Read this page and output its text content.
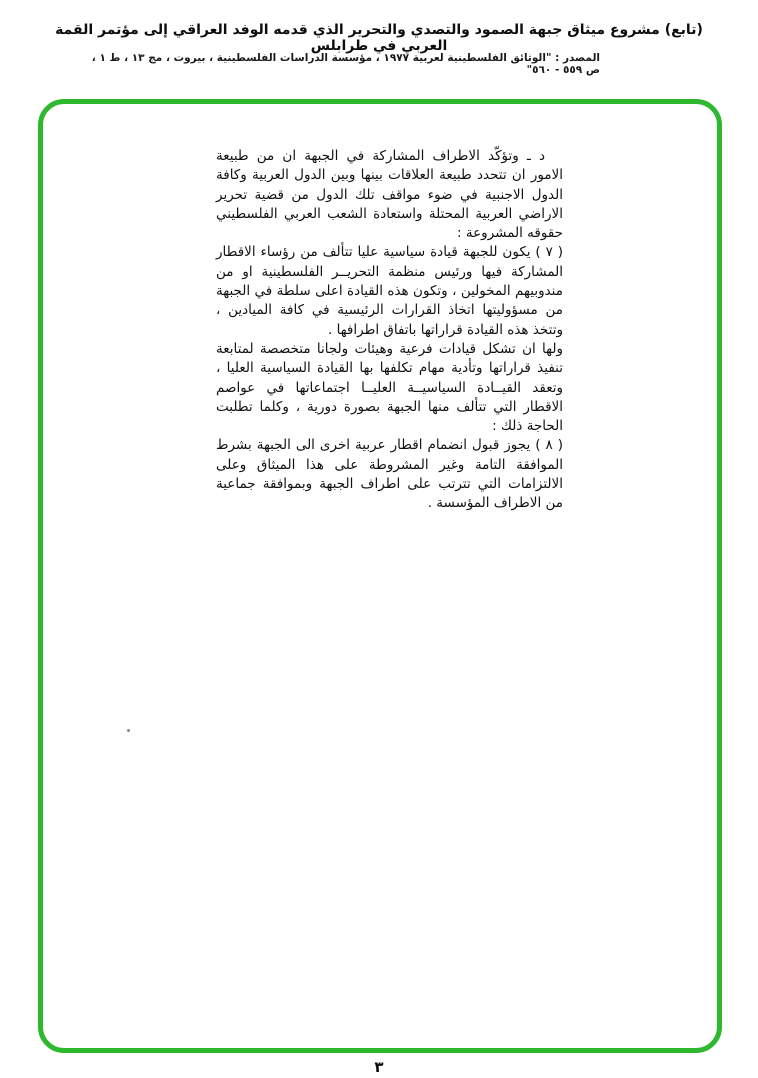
(تابع) مشروع ميثاق جبهة الصمود والتصدي والتحرير الذي قدمه الوفد العراقي إلى مؤتمر القمة العربي في طرابلس
المصدر : "الوثائق الفلسطينية لعربية ١٩٧٧ ، مؤسسة الدراسات الفلسطينية ، بيروت ، مج ١٣ ، ط ١ ، ص ٥٥٩ - ٥٦٠"

د ـ وتؤكّد الاطراف المشاركة في الجبهة ان من طبيعة الامور ان تتحدد طبيعة العلاقات بينها وبين الدول العربية وكافة الدول الاجنبية في ضوء مواقف تلك الدول من قضية تحرير الاراضي العربية المحتلة واستعادة الشعب العربي الفلسطيني حقوقه المشروعة :

( ٧ ) يكون للجبهة قيادة سياسية عليا تتألف من رؤساء الاقطار المشاركة فيها ورئيس منظمة التحريــر الفلسطينية او من مندوبيهم المخولين ، وتكون هذه القيادة اعلى سلطة في الجبهة من مسؤوليتها اتخاذ القرارات الرئيسية في كافة الميادين ، وتتخذ هذه القيادة قراراتها باتفاق اطرافها .

ولها ان تشكل قيادات فرعية وهيئات ولجانا متخصصة لمتابعة تنفيذ قراراتها وتأدية مهام تكلفها بها القيادة السياسية العليا ، وتعقد القيــادة السياسيــة العليــا اجتماعاتها في عواصم الاقطار التي تتألف منها الجبهة بصورة دورية ، وكلما تطلبت الحاجة ذلك :

( ٨ ) يجوز قبول انضمام اقطار عربية اخرى الى الجبهة بشرط الموافقة التامة وغير المشروطة على هذا الميثاق وعلى الالتزامات التي تترتب على اطراف الجبهة وبموافقة جماعية من الاطراف المؤسسة .

٣
